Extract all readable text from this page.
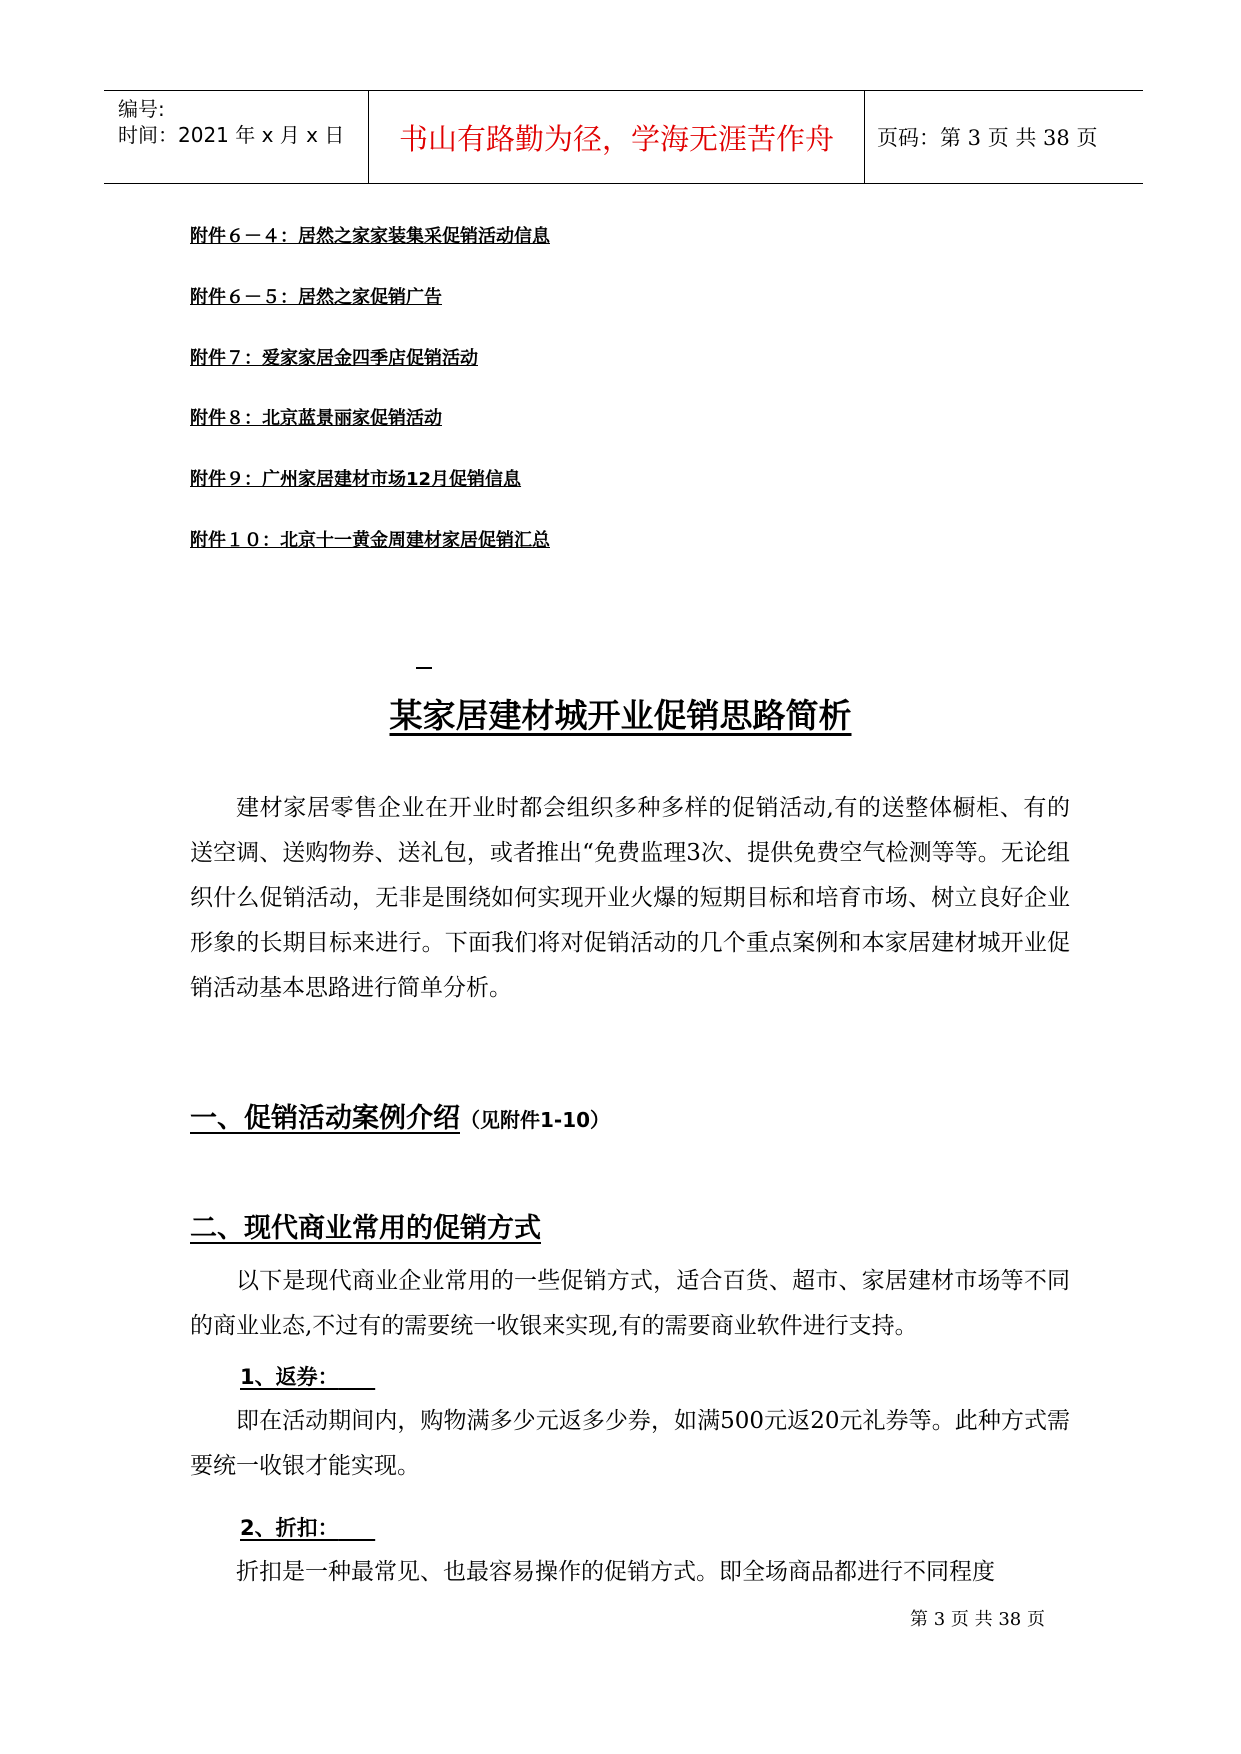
编号:
时间：2021 年 x 月 x 日	书山有路勤为径，学海无涯苦作舟	页码：第 3 页 共 38 页
附件６－４：居然之家家装集采促销活动信息
附件６－５：居然之家促销广告
附件７：爱家家居金四季店促销活动
附件８：北京蓝景丽家促销活动
附件９：广州家居建材市场12月促销信息
附件１０：北京十一黄金周建材家居促销汇总
某家居建材城开业促销思路简析

建材家居零售企业在开业时都会组织多种多样的促销活动,有的送整体橱柜、有的送空调、送购物券、送礼包，或者推出“免费监理3次、提供免费空气检测等等。无论组织什么促销活动，无非是围绕如何实现开业火爆的短期目标和培育市场、树立良好企业形象的长期目标来进行。下面我们将对促销活动的几个重点案例和本家居建材城开业促销活动基本思路进行简单分析。

一、促销活动案例介绍（见附件1-10）
二、现代商业常用的促销方式

以下是现代商业企业常用的一些促销方式，适合百货、超市、家居建材市场等不同的商业业态,不过有的需要统一收银来实现,有的需要商业软件进行支持。

1、返券：

即在活动期间内，购物满多少元返多少券，如满500元返20元礼券等。此种方式需要统一收银才能实现。

2、折扣：

折扣是一种最常见、也最容易操作的促销方式。即全场商品都进行不同程度

第 3 页 共 38 页
